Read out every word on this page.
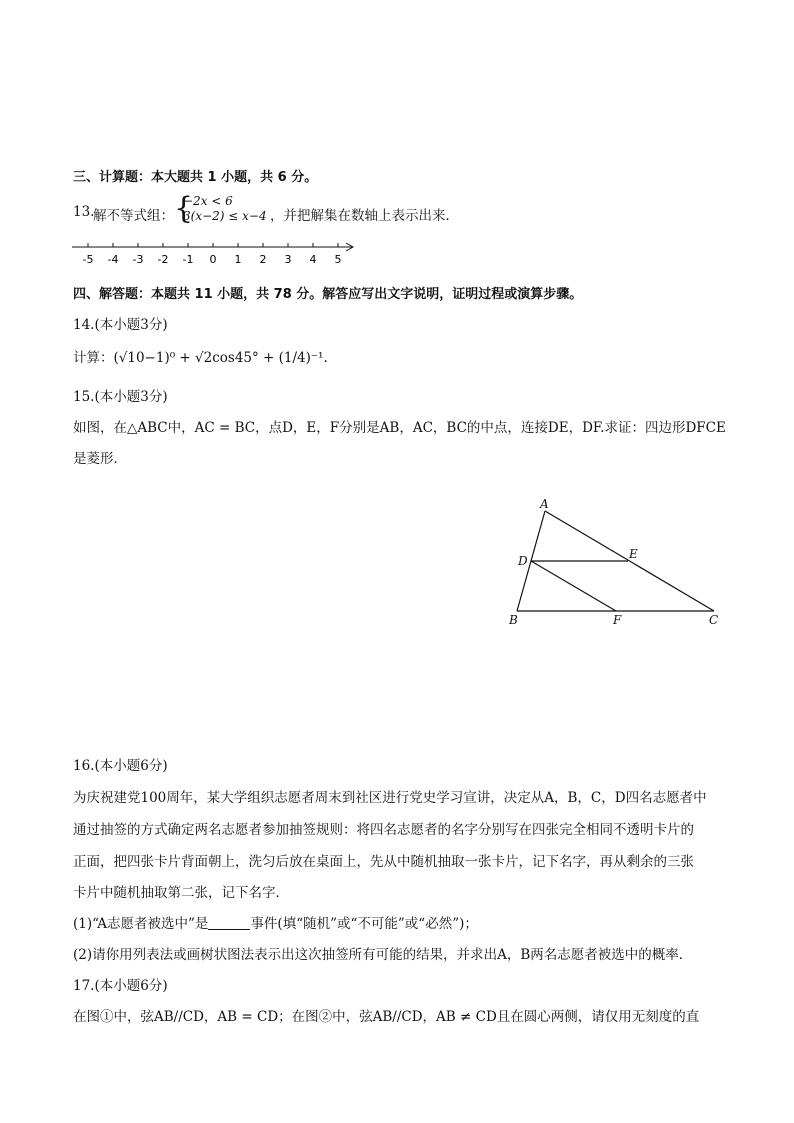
三、计算题：本大题共 1 小题，共 6 分。
13.
解不等式组： {
−2x < 6
3(x−2) ≤ x−4 ，并把解集在数轴上表示出来．
-5 -4 -3 -2 -1 0 1 2 3 4 5
四、解答题：本题共 11 小题，共 78 分。解答应写出文字说明，证明过程或演算步骤。
14.(本小题3分)
计算：(√10−1)⁰ + √2cos45° + (1/4)⁻¹.
15.(本小题3分)
如图，在△ABC中，AC = BC，点D，E，F分别是AB，AC，BC的中点，连接DE，DF.求证：四边形DFCE
是菱形．
A
B	C
D	E
F
16.(本小题6分)
为庆祝建党100周年，某大学组织志愿者周末到社区进行党史学习宣讲，决定从A，B，C，D四名志愿者中
通过抽签的方式确定两名志愿者参加抽签规则：将四名志愿者的名字分别写在四张完全相同不透明卡片的
正面，把四张卡片背面朝上，洗匀后放在桌面上，先从中随机抽取一张卡片，记下名字，再从剩余的三张
卡片中随机抽取第二张，记下名字．
(1)“A志愿者被选中”是	事件(填“随机”或“不可能”或“必然”)；
(2)请你用列表法或画树状图法表示出这次抽签所有可能的结果，并求出A，B两名志愿者被选中的概率．
17.(本小题6分)
在图①中，弦AB//CD，AB = CD；在图②中，弦AB//CD，AB ≠ CD且在圆心两侧，请仅用无刻度的直
